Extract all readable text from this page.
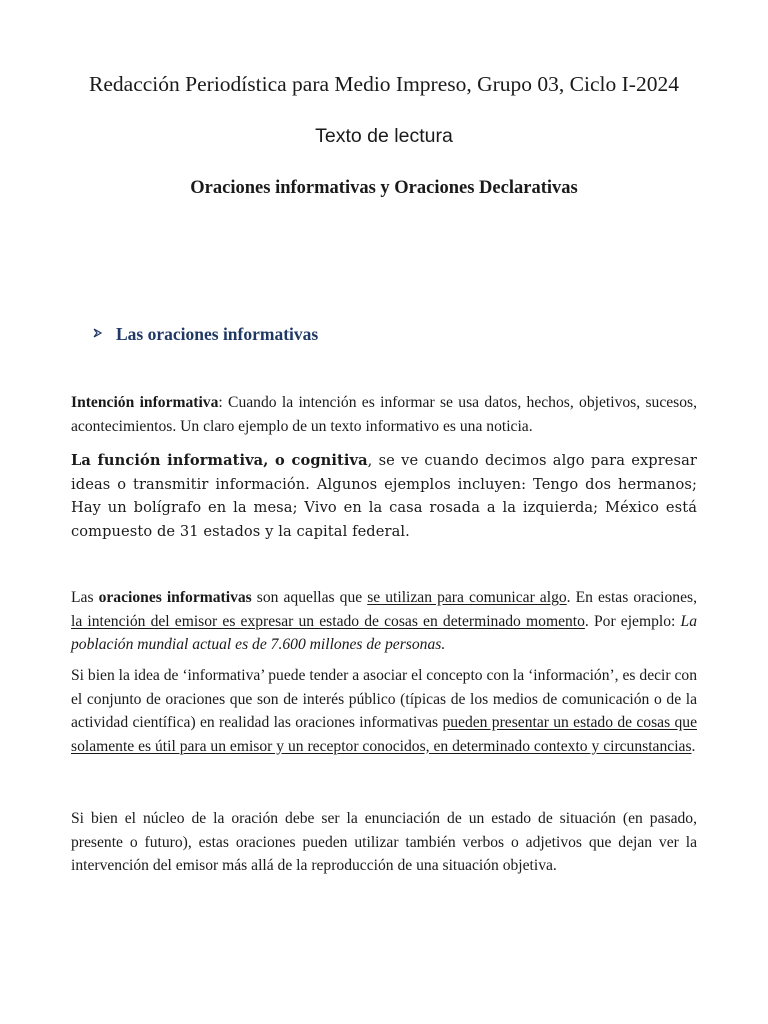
Redacción Periodística para Medio Impreso, Grupo 03, Ciclo I-2024
Texto de lectura
Oraciones informativas y Oraciones Declarativas
Las oraciones informativas

Intención informativa: Cuando la intención es informar se usa datos, hechos, objetivos, sucesos, acontecimientos. Un claro ejemplo de un texto informativo es una noticia.

La función informativa, o cognitiva, se ve cuando decimos algo para expresar ideas o transmitir información. Algunos ejemplos incluyen: Tengo dos hermanos; Hay un bolígrafo en la mesa; Vivo en la casa rosada a la izquierda; México está compuesto de 31 estados y la capital federal.

Las oraciones informativas son aquellas que se utilizan para comunicar algo. En estas oraciones, la intención del emisor es expresar un estado de cosas en determinado momento. Por ejemplo: La población mundial actual es de 7.600 millones de personas.

Si bien la idea de ‘informativa’ puede tender a asociar el concepto con la ‘información’, es decir con el conjunto de oraciones que son de interés público (típicas de los medios de comunicación o de la actividad científica) en realidad las oraciones informativas pueden presentar un estado de cosas que solamente es útil para un emisor y un receptor conocidos, en determinado contexto y circunstancias.

Si bien el núcleo de la oración debe ser la enunciación de un estado de situación (en pasado, presente o futuro), estas oraciones pueden utilizar también verbos o adjetivos que dejan ver la intervención del emisor más allá de la reproducción de una situación objetiva.
